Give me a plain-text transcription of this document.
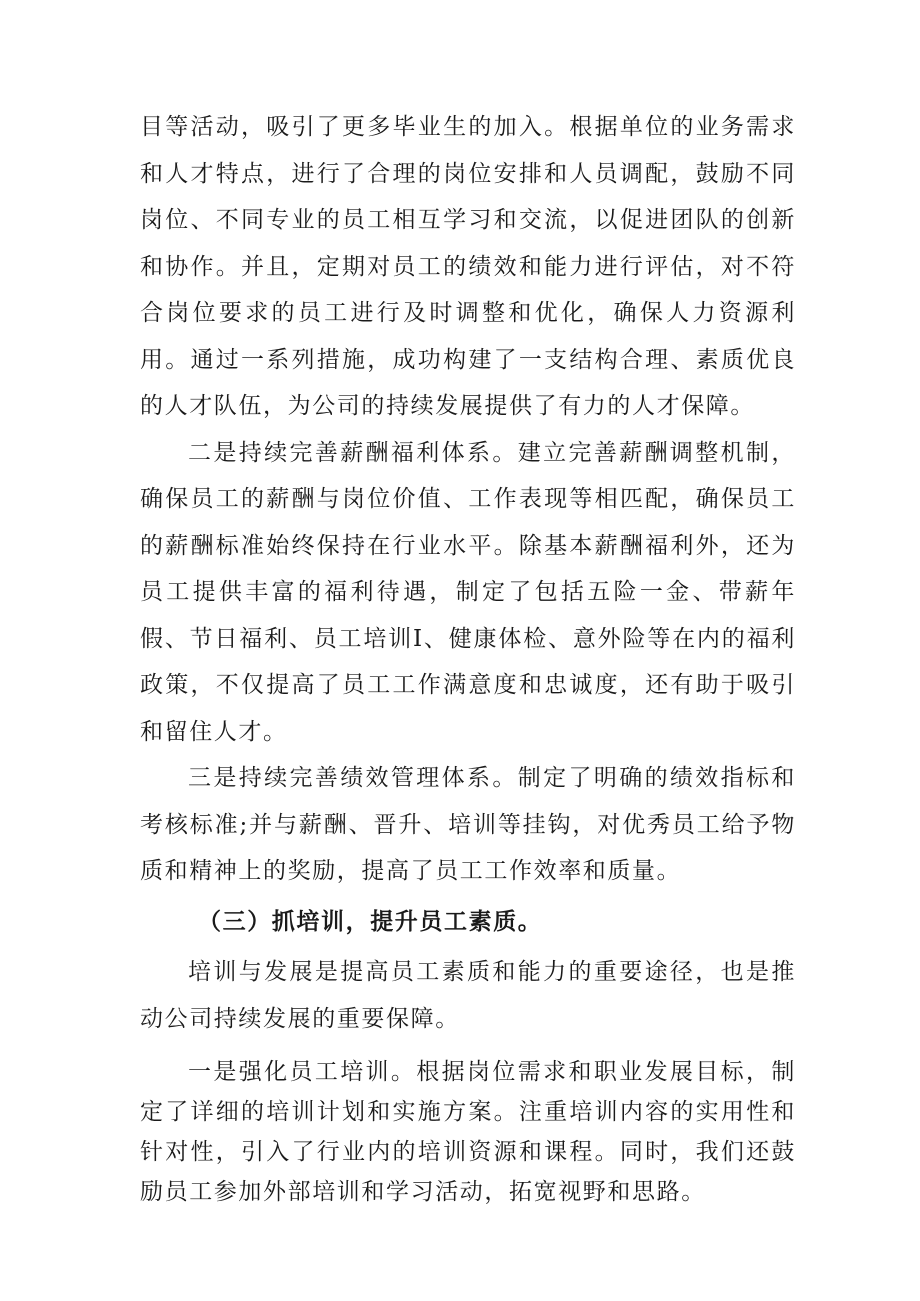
目等活动，吸引了更多毕业生的加入。根据单位的业务需求和人才特点，进行了合理的岗位安排和人员调配，鼓励不同岗位、不同专业的员工相互学习和交流，以促进团队的创新和协作。并且，定期对员工的绩效和能力进行评估，对不符合岗位要求的员工进行及时调整和优化，确保人力资源利用。通过一系列措施，成功构建了一支结构合理、素质优良的人才队伍，为公司的持续发展提供了有力的人才保障。

二是持续完善薪酬福利体系。建立完善薪酬调整机制，确保员工的薪酬与岗位价值、工作表现等相匹配，确保员工的薪酬标准始终保持在行业水平。除基本薪酬福利外，还为员工提供丰富的福利待遇，制定了包括五险一金、带薪年假、节日福利、员工培训I、健康体检、意外险等在内的福利政策，不仅提高了员工工作满意度和忠诚度，还有助于吸引和留住人才。

三是持续完善绩效管理体系。制定了明确的绩效指标和考核标准;并与薪酬、晋升、培训等挂钩，对优秀员工给予物质和精神上的奖励，提高了员工工作效率和质量。

（三）抓培训，提升员工素质。

培训与发展是提高员工素质和能力的重要途径，也是推动公司持续发展的重要保障。

一是强化员工培训。根据岗位需求和职业发展目标，制定了详细的培训计划和实施方案。注重培训内容的实用性和针对性，引入了行业内的培训资源和课程。同时，我们还鼓励员工参加外部培训和学习活动，拓宽视野和思路。
